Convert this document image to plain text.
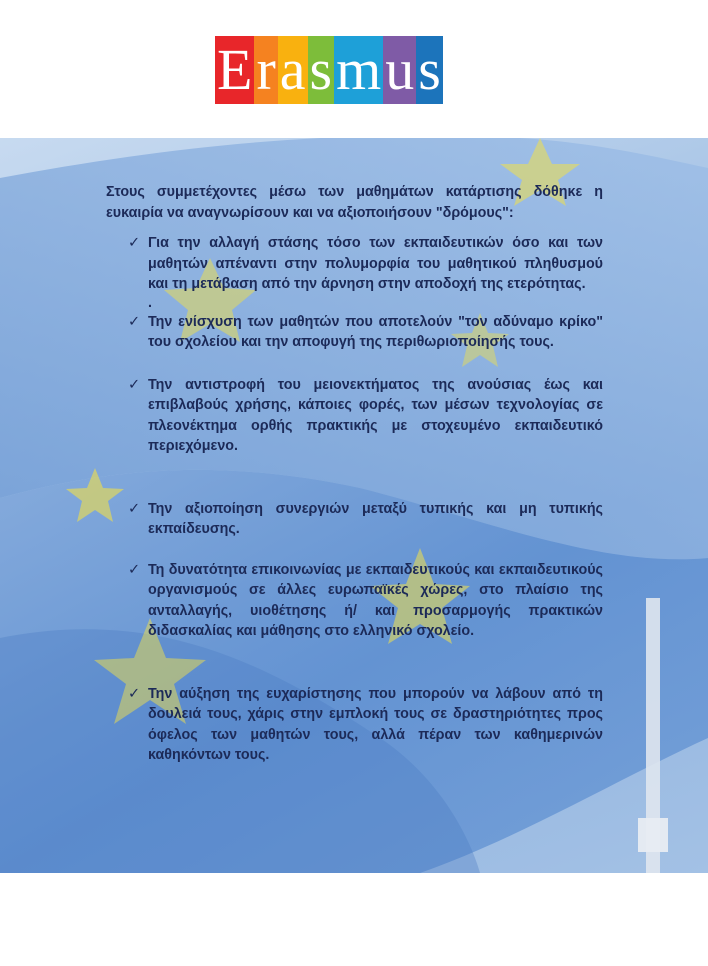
E r a s m u s

Στους συμμετέχοντες μέσω των μαθημάτων κατάρτισης δόθηκε η ευκαιρία να αναγνωρίσουν και να αξιοποιήσουν "δρόμους":

✓ Για την αλλαγή στάσης τόσο των εκπαιδευτικών όσο και των μαθητών απέναντι στην πολυμορφία του μαθητικού πληθυσμού και τη μετάβαση από την άρνηση στην αποδοχή της ετερότητας.
.
✓ Την ενίσχυση των μαθητών που αποτελούν "τον αδύναμο κρίκο" του σχολείου και την αποφυγή της περιθωριοποίησής τους.
✓ Την αντιστροφή του μειονεκτήματος της ανούσιας έως και επιβλαβούς χρήσης, κάποιες φορές, των μέσων τεχνολογίας σε πλεονέκτημα ορθής πρακτικής με στοχευμένο εκπαιδευτικό περιεχόμενο.
✓ Την αξιοποίηση συνεργιών μεταξύ τυπικής και μη τυπικής εκπαίδευσης.
✓ Τη δυνατότητα επικοινωνίας με εκπαιδευτικούς και εκπαιδευτικούς οργανισμούς σε άλλες ευρωπαϊκές χώρες, στο πλαίσιο της ανταλλαγής, υιοθέτησης ή/ και προσαρμογής πρακτικών διδασκαλίας και μάθησης στο ελληνικό σχολείο.
✓ Την αύξηση της ευχαρίστησης που μπορούν να λάβουν από τη δουλειά τους, χάρις στην εμπλοκή τους σε δραστηριότητες προς όφελος των μαθητών τους, αλλά πέραν των καθημερινών καθηκόντων τους.
